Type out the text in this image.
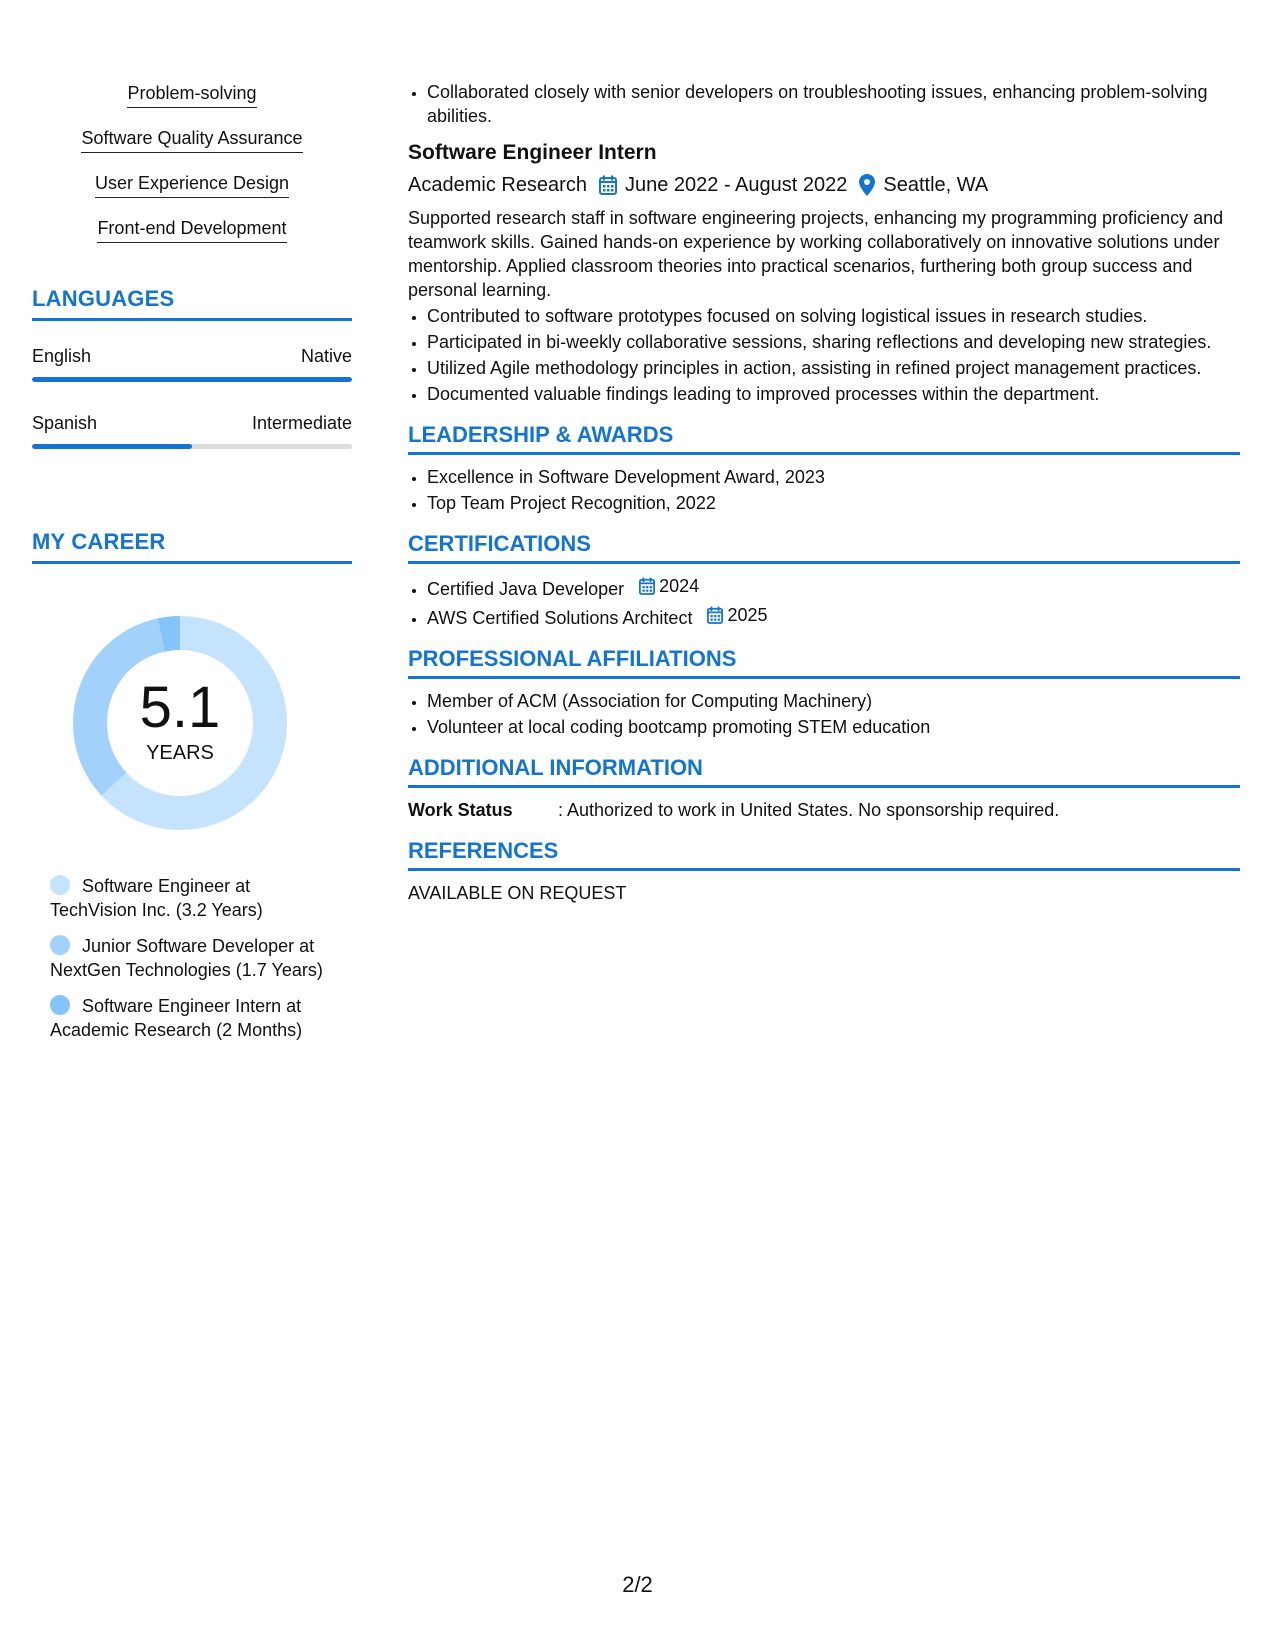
Problem-solving
Software Quality Assurance
User Experience Design
Front-end Development
LANGUAGES
English	Native
Spanish	Intermediate
MY CAREER
5.1
YEARS
Software Engineer at TechVision Inc. (3.2 Years)
Junior Software Developer at NextGen Technologies (1.7 Years)
Software Engineer Intern at Academic Research (2 Months)
• Collaborated closely with senior developers on troubleshooting issues, enhancing problem-solving abilities.
Software Engineer Intern
Academic Research June 2022 - August 2022 Seattle, WA

Supported research staff in software engineering projects, enhancing my programming proficiency and teamwork skills. Gained hands-on experience by working collaboratively on innovative solutions under mentorship. Applied classroom theories into practical scenarios, furthering both group success and personal learning.

• Contributed to software prototypes focused on solving logistical issues in research studies.
• Participated in bi-weekly collaborative sessions, sharing reflections and developing new strategies.
• Utilized Agile methodology principles in action, assisting in refined project management practices.
• Documented valuable findings leading to improved processes within the department.
LEADERSHIP & AWARDS
• Excellence in Software Development Award, 2023
• Top Team Project Recognition, 2022
CERTIFICATIONS
• Certified Java Developer 2024
• AWS Certified Solutions Architect 2025
PROFESSIONAL AFFILIATIONS
• Member of ACM (Association for Computing Machinery)
• Volunteer at local coding bootcamp promoting STEM education
ADDITIONAL INFORMATION
Work Status	: Authorized to work in United States. No sponsorship required.
REFERENCES

AVAILABLE ON REQUEST

2/2
